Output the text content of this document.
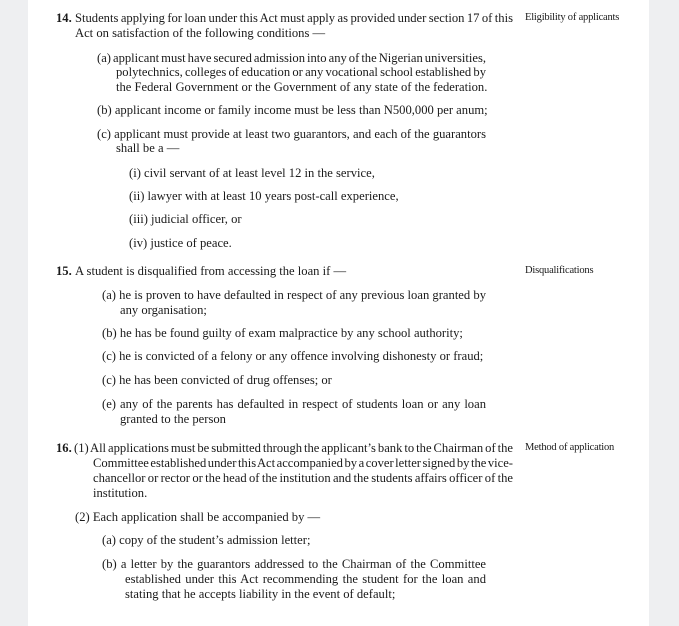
14. Students applying for loan under this Act must apply as provided under section 17 of this
Act on satisfaction of the following conditions —
Eligibility of applicants
(a) applicant must have secured admission into any of the Nigerian universities,
polytechnics, colleges of education or any vocational school established by
the Federal Government or the Government of any state of the federation.
(b) applicant income or family income must be less than N500,000 per anum;
(c) applicant must provide at least two guarantors, and each of the guarantors
shall be a —
(i) civil servant of at least level 12 in the service,
(ii) lawyer with at least 10 years post-call experience,
(iii) judicial officer, or
(iv) justice of peace.
15. A student is disqualified from accessing the loan if —	Disqualifications
(a) he is proven to have defaulted in respect of any previous loan granted by
any organisation;
(b) he has be found guilty of exam malpractice by any school authority;
(c) he is convicted of a felony or any offence involving dishonesty or fraud;
(c) he has been convicted of drug offenses; or
(e) any of the parents has defaulted in respect of students loan or any loan
granted to the person
16. (1) All applications must be submitted through the applicant’s bank to the Chairman of the
Committee established under this Act accompanied by a cover letter signed by the vice-
chancellor or rector or the head of the institution and the students affairs officer of the
institution.
Method of application
(2) Each application shall be accompanied by —
(a) copy of the student’s admission letter;
(b) a letter by the guarantors addressed to the Chairman of the Committee
established under this Act recommending the student for the loan and
stating that he accepts liability in the event of default;
